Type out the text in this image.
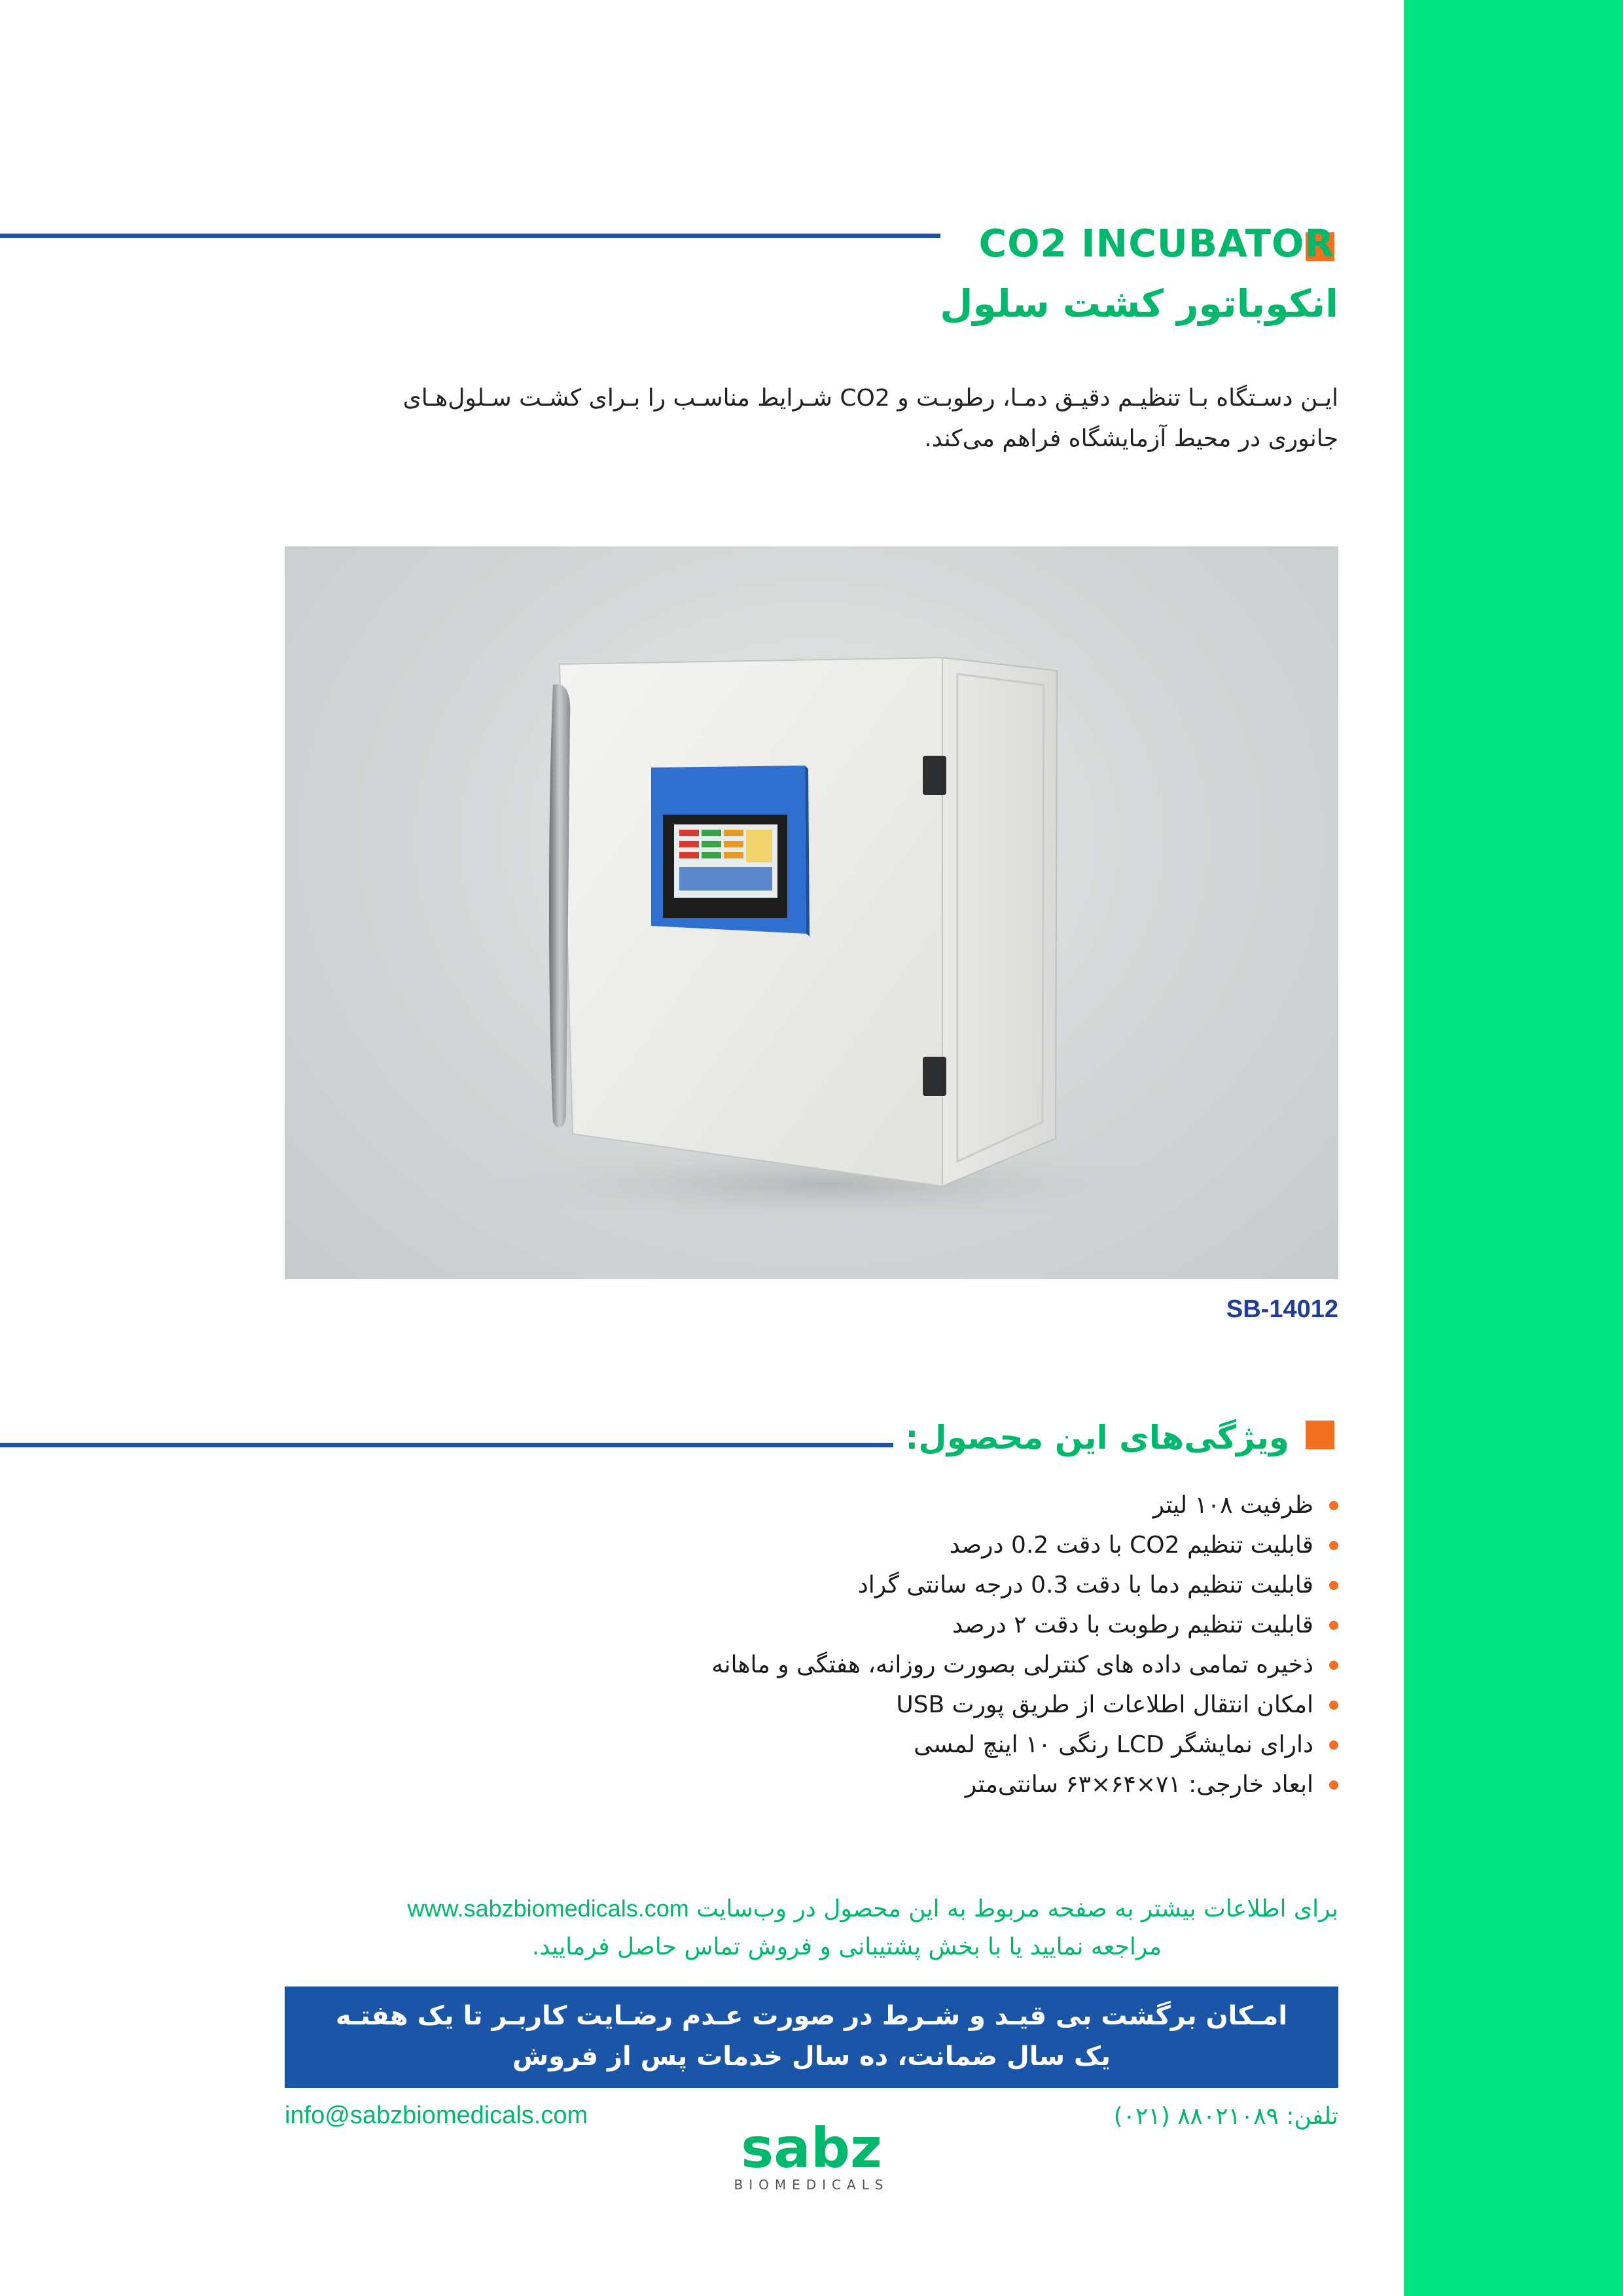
CO2 INCUBATOR
انکوباتور کشت سلول
ایـن دسـتگاه بـا تنظیـم دقیـق دمـا، رطوبـت و CO2 شـرایط مناسـب را بـرای کشـت سـلول‌هـای
جانوری در محیط آزمایشگاه فراهم می‌کند.
SB-14012
ویژگی‌های این محصول:
ظرفیت ۱۰۸ لیتر
قابلیت تنظیم CO2 با دقت 0.2 درصد
قابلیت تنظیم دما با دقت 0.3 درجه سانتی گراد
قابلیت تنظیم رطوبت با دقت ۲ درصد
ذخیره تمامی داده های کنترلی بصورت روزانه، هفتگی و ماهانه
امکان انتقال اطلاعات از طریق پورت USB
دارای نمایشگر LCD رنگی ۱۰ اینچ لمسی
ابعاد خارجی: ۷۱×۶۴×۶۳ سانتی‌متر
برای اطلاعات بیشتر به صفحه مربوط به این محصول در وب‌سایت www.sabzbiomedicals.com
مراجعه نمایید یا با بخش پشتیبانی و فروش تماس حاصل فرمایید.
امـکان برگشت بی قیـد و شـرط در صورت عـدم رضـایت کاربـر تا یک هفتـه
یک سال ضمانت، ده سال خدمات پس از فروش
info@sabzbiomedicals.com	تلفن: ۸۸۰۲۱۰۸۹ (۰۲۱)
sabz
BIOMEDICALS
